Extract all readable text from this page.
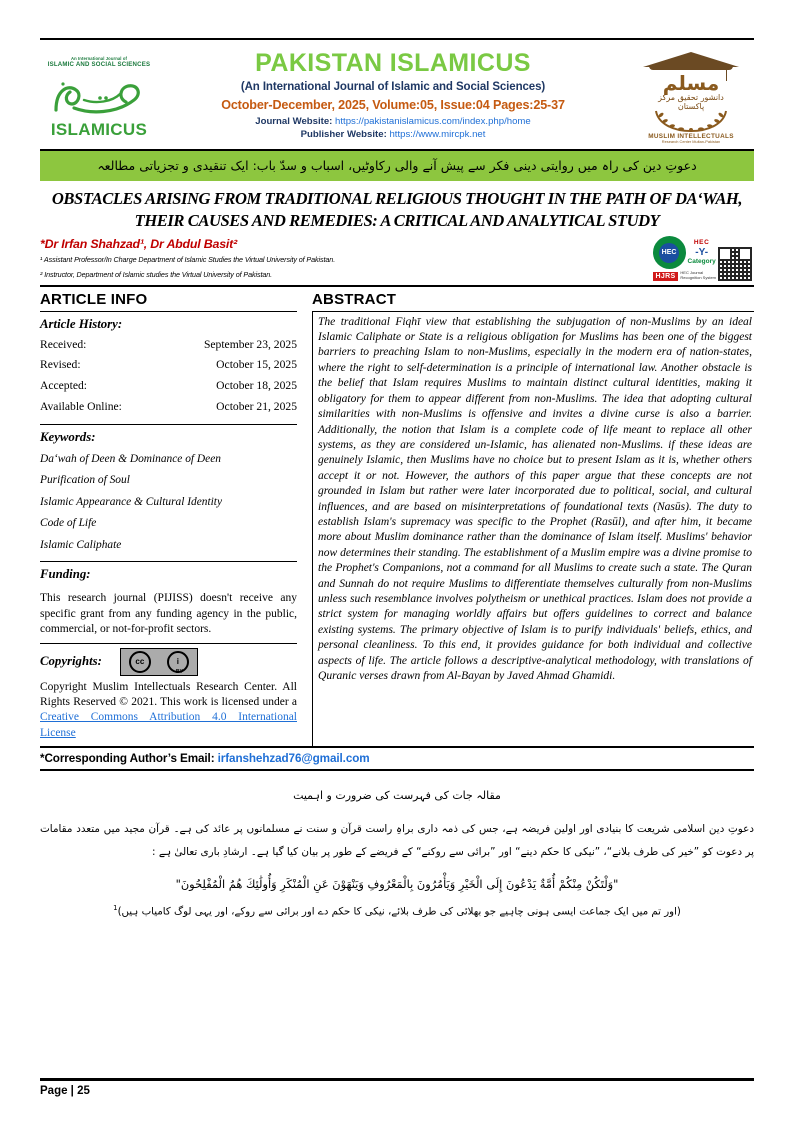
An International Journal of
ISLAMIC AND SOCIAL SCIENCES
ISLAMICUS
PAKISTAN ISLAMICUS
(An International Journal of Islamic and Social Sciences)
October-December, 2025, Volume:05, Issue:04 Pages:25-37
Journal Website: https://pakistanislamicus.com/index.php/home
Publisher Website: https://www.mircpk.net
مسلم
دانشور تحقیق مرکز
پاکستان
MUSLIM INTELLECTUALS
Research Center Multan-Pakistan
دعوتِ دین کی راہ میں روایتی دینی فکر سے پیش آنے والی رکاوٹیں، اسباب و سدّ باب: ایک تنقیدی و تجزیاتی مطالعہ
OBSTACLES ARISING FROM TRADITIONAL RELIGIOUS THOUGHT IN THE PATH OF DA‘WAH, THEIR CAUSES AND REMEDIES: A CRITICAL AND ANALYTICAL STUDY
*Dr Irfan Shahzad¹, Dr Abdul Basit²
¹ Assistant Professor/In Charge Department of Islamic Studies the Virtual University of Pakistan.
² Instructor, Department of Islamic studies the Virtual University of Pakistan.
HEC
HEC
-Y-
Category
HJRS	HEC Journal
Recognition System
ARTICLE INFO
Article History:
Received:	September 23, 2025
Revised:	October 15, 2025
Accepted:	October 18, 2025
Available Online:	October 21, 2025
Keywords:
Da‘wah of Deen & Dominance of Deen
Purification of Soul
Islamic Appearance & Cultural Identity
Code of Life
Islamic Caliphate
Funding:
This research journal (PIJISS) doesn't receive any specific grant from any funding agency in the public, commercial, or not-for-profit sectors.
Copyrights:	cc	i
BY
Copyright Muslim Intellectuals Research Center. All Rights Reserved © 2021. This work is licensed under a Creative Commons Attribution 4.0 International License
ABSTRACT
The traditional Fiqhī view that establishing the subjugation of non-Muslims by an ideal Islamic Caliphate or State is a religious obligation for Muslims has been one of the biggest barriers to preaching Islam to non-Muslims, especially in the modern era of nation-states, where the right to self-determination is a principle of international law. Another obstacle is the belief that Islam requires Muslims to maintain distinct cultural identities, making it obligatory for them to appear different from non-Muslims. The idea that adopting cultural similarities with non-Muslims is offensive and invites a divine curse is also a barrier. Additionally, the notion that Islam is a complete code of life meant to replace all other systems, as they are considered un-Islamic, has alienated non-Muslims. if these ideas are genuinely Islamic, then Muslims have no choice but to present Islam as it is, whether others accept it or not. However, the authors of this paper argue that these concepts are not grounded in Islam but rather were later incorporated due to political, social, and cultural influences, and are based on misinterpretations of foundational texts (Nasūs). The duty to establish Islam's supremacy was specific to the Prophet (Rasūl), and after him, it became more about Muslim dominance rather than the dominance of Islam itself. Muslims' behavior now determines their standing. The establishment of a Muslim empire was a divine promise to the Prophet's Companions, not a command for all Muslims to create such a state. The Quran and Sunnah do not require Muslims to differentiate themselves culturally from non-Muslims unless such resemblance involves polytheism or unethical practices. Islam does not provide a strict system for managing worldly affairs but offers guidelines to correct and balance existing systems. The primary objective of Islam is to purify individuals' beliefs, ethics, and personal cleanliness. To this end, it provides guidance for both individual and collective aspects of life. The article follows a descriptive-analytical methodology, with translations of Quranic verses drawn from Al-Bayan by Javed Ahmad Ghamidi.
*Corresponding Author’s Email: irfanshehzad76@gmail.com
مقالہ جات کی فہرست کی ضرورت و اہمیت
دعوتِ دین اسلامی شریعت کا بنیادی اور اولین فریضہ ہے، جس کی ذمہ داری براہِ راست قرآن و سنت نے مسلمانوں پر عائد کی ہے۔ قرآن مجید میں متعدد مقامات پر دعوت کو ”خیر کی طرف بلانے“، ”نیکی کا حکم دینے“ اور ”برائی سے روکنے“ کے فریضے کے طور پر بیان کیا گیا ہے۔ ارشادِ باری تعالیٰ ہے :
"وَلْتَكُنْ مِنْكُمْ أُمَّةٌ يَدْعُونَ إِلَى الْخَيْرِ وَيَأْمُرُونَ بِالْمَعْرُوفِ وَيَنْهَوْنَ عَنِ الْمُنْكَرِ وَأُولَٰئِكَ هُمُ الْمُفْلِحُونَ"
(اور تم میں ایک جماعت ایسی ہونی چاہیے جو بھلائی کی طرف بلائے، نیکی کا حکم دے اور برائی سے روکے، اور یہی لوگ کامیاب ہیں)$^1$
Page | 25
